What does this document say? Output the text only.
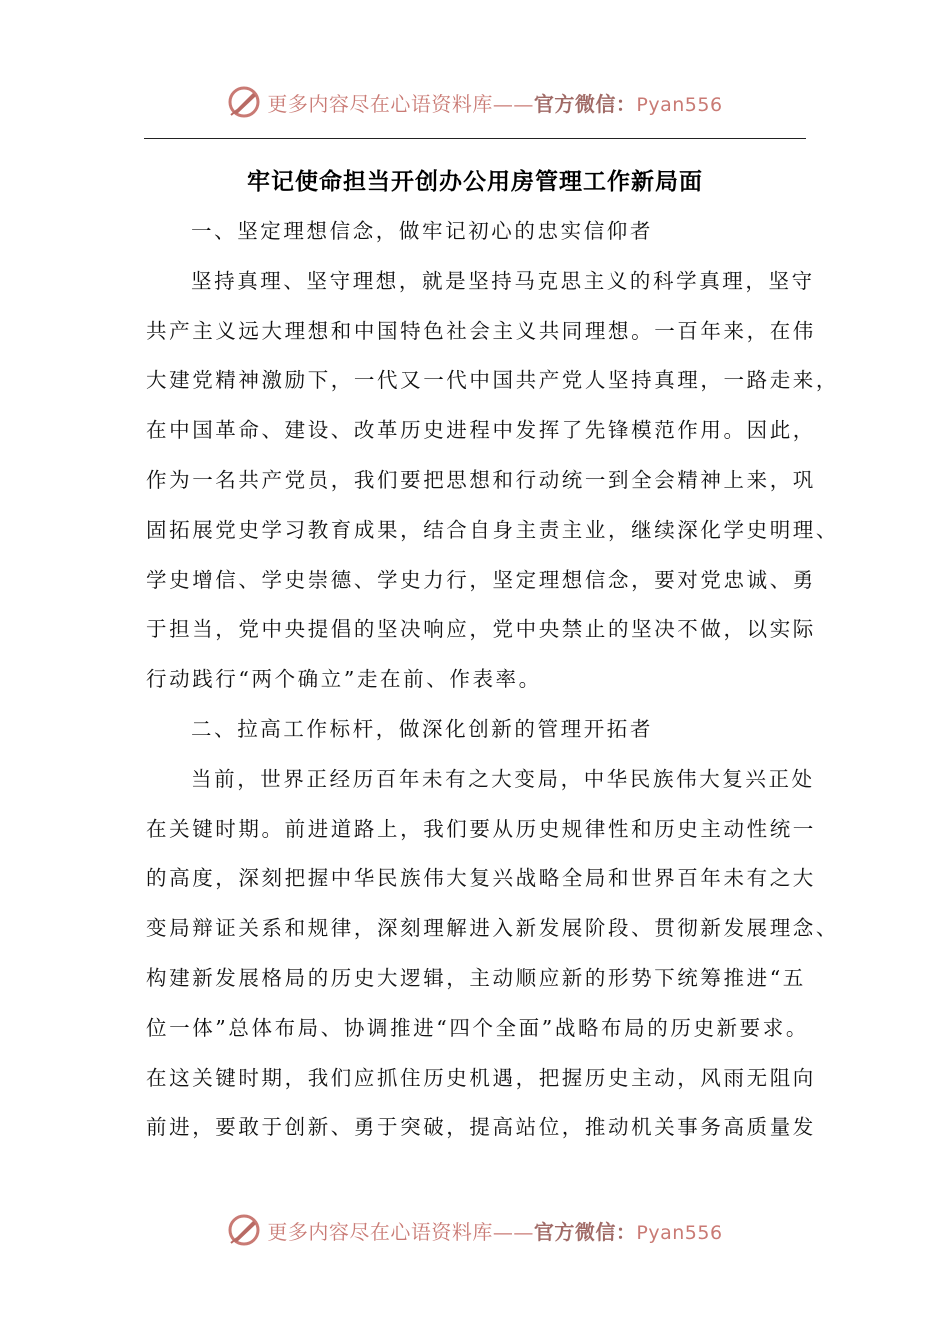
更多内容尽在心语资料库——官方微信：Pyan556
牢记使命担当开创办公用房管理工作新局面
一、坚定理想信念，做牢记初心的忠实信仰者
坚持真理、坚守理想，就是坚持马克思主义的科学真理，坚守
共产主义远大理想和中国特色社会主义共同理想。一百年来，在伟
大建党精神激励下，一代又一代中国共产党人坚持真理，一路走来，
在中国革命、建设、改革历史进程中发挥了先锋模范作用。因此，
作为一名共产党员，我们要把思想和行动统一到全会精神上来，巩
固拓展党史学习教育成果，结合自身主责主业，继续深化学史明理、
学史增信、学史崇德、学史力行，坚定理想信念，要对党忠诚、勇
于担当，党中央提倡的坚决响应，党中央禁止的坚决不做，以实际
行动践行“两个确立”走在前、作表率。
二、拉高工作标杆，做深化创新的管理开拓者
当前，世界正经历百年未有之大变局，中华民族伟大复兴正处
在关键时期。前进道路上，我们要从历史规律性和历史主动性统一
的高度，深刻把握中华民族伟大复兴战略全局和世界百年未有之大
变局辩证关系和规律，深刻理解进入新发展阶段、贯彻新发展理念、
构建新发展格局的历史大逻辑，主动顺应新的形势下统筹推进“五
位一体”总体布局、协调推进“四个全面”战略布局的历史新要求。
在这关键时期，我们应抓住历史机遇，把握历史主动，风雨无阻向
前进，要敢于创新、勇于突破，提高站位，推动机关事务高质量发
更多内容尽在心语资料库——官方微信：Pyan556
